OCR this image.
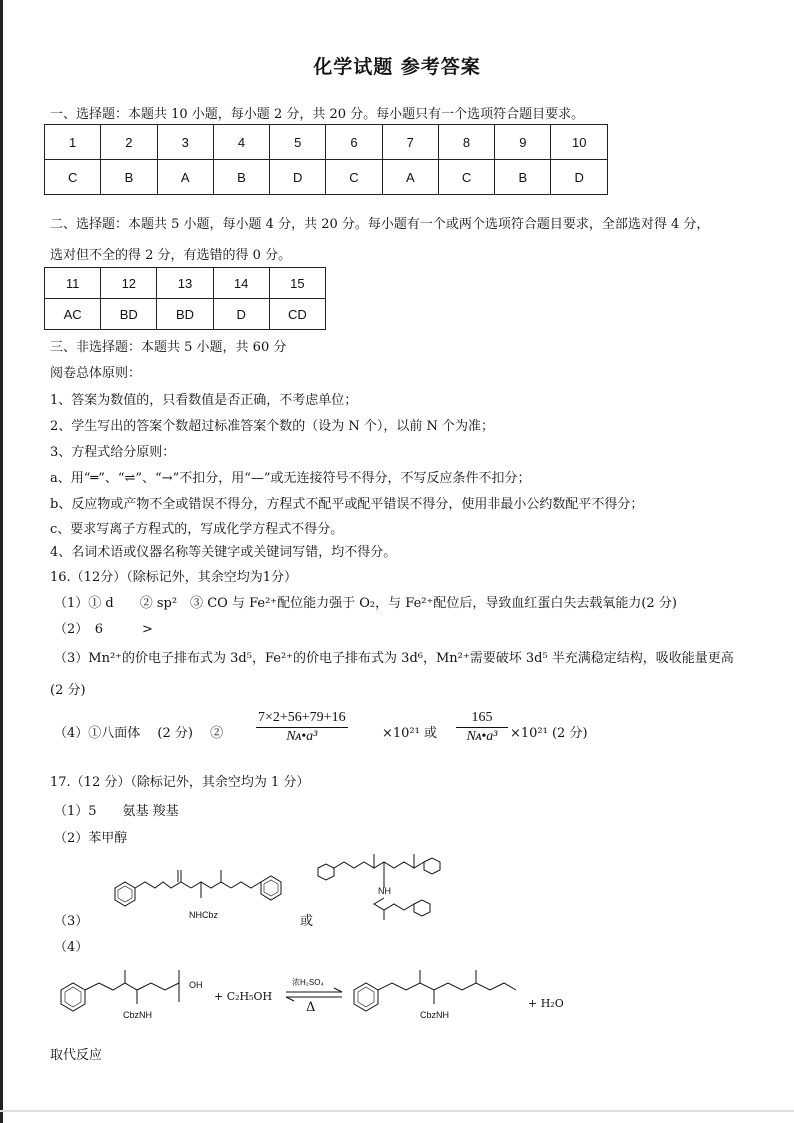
化学试题 参考答案
一、选择题：本题共 10 小题，每小题 2 分，共 20 分。每小题只有一个选项符合题目要求。
1	2	3	4	5	6	7	8	9	10
C	B	A	B	D	C	A	C	B	D
二、选择题：本题共 5 小题，每小题 4 分，共 20 分。每小题有一个或两个选项符合题目要求，全部选对得 4 分，
选对但不全的得 2 分，有选错的得 0 分。
11	12	13	14	15
AC	BD	BD	D	CD
三、非选择题：本题共 5 小题，共 60 分
阅卷总体原则：
1、答案为数值的，只看数值是否正确，不考虑单位；
2、学生写出的答案个数超过标准答案个数的（设为 N 个），以前 N 个为准；
3、方程式给分原则：
a、用“═”、“⇌”、“→”不扣分，用“—”或无连接符号不得分，不写反应条件不扣分；
b、反应物或产物不全或错误不得分，方程式不配平或配平错误不得分，使用非最小公约数配平不得分；
c、要求写离子方程式的，写成化学方程式不得分。
4、名词术语或仪器名称等关键字或关键词写错，均不得分。
16.（12分）（除标记外，其余空均为1分）
（1）① d　　② sp²　③ CO 与 Fe²⁺配位能力强于 O₂，与 Fe²⁺配位后，导致血红蛋白失去载氧能力(2 分)
（2）　6　　　>
（3）Mn²⁺的价电子排布式为 3d⁵，Fe²⁺的价电子排布式为 3d⁶，Mn²⁺需要破坏 3d⁵ 半充满稳定结构，吸收能量更高
(2 分)
（4）①八面体　 (2 分)　 ② $\frac{7\times 2+56+79+16}{\text{Nᴀ•a³}}$	×10²¹ 或 $\frac{165}{\text{Nᴀ•a³}} \times 10^{21}$ (2 分)
17.（12 分）（除标记外，其余空均为 1 分）
（1）5　　氨基 羧基
（2）苯甲醇
（3）
（4）
NHCbz	或
NH
OH
CbzNH
+ C₂H₅OH
浓H₂SO₄
Δ	CbzNH
+ H₂O
取代反应
